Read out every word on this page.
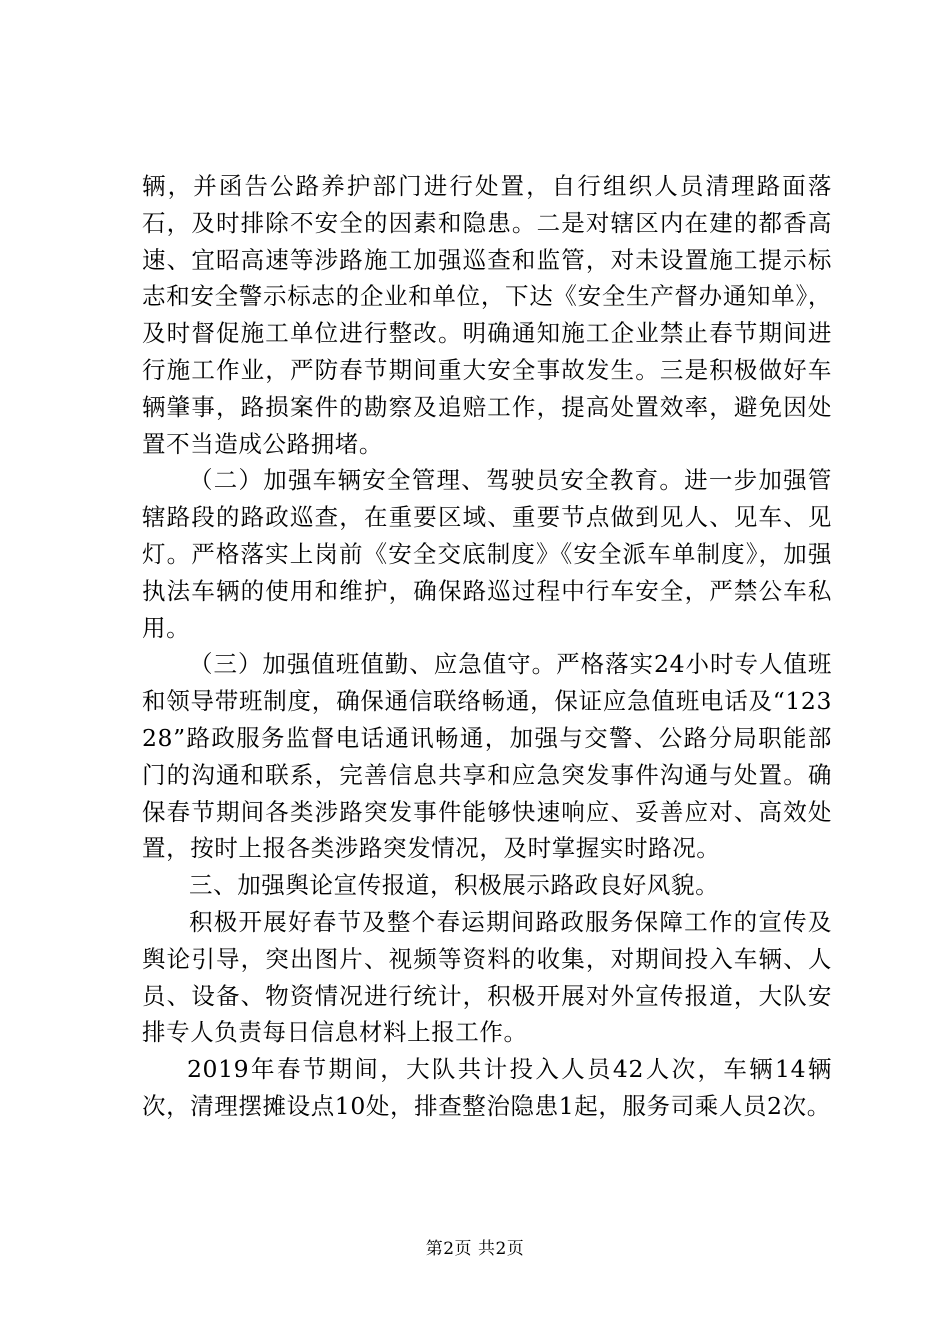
辆，并函告公路养护部门进行处置，自行组织人员清理路面落石，及时排除不安全的因素和隐患。二是对辖区内在建的都香高速、宜昭高速等涉路施工加强巡查和监管，对未设置施工提示标志和安全警示标志的企业和单位，下达《安全生产督办通知单》，及时督促施工单位进行整改。明确通知施工企业禁止春节期间进行施工作业，严防春节期间重大安全事故发生。三是积极做好车辆肇事，路损案件的勘察及追赔工作，提高处置效率，避免因处置不当造成公路拥堵。

（二）加强车辆安全管理、驾驶员安全教育。进一步加强管辖路段的路政巡查，在重要区域、重要节点做到见人、见车、见灯。严格落实上岗前《安全交底制度》《安全派车单制度》，加强执法车辆的使用和维护，确保路巡过程中行车安全，严禁公车私用。

（三）加强值班值勤、应急值守。严格落实24小时专人值班和领导带班制度，确保通信联络畅通，保证应急值班电话及“12328”路政服务监督电话通讯畅通，加强与交警、公路分局职能部门的沟通和联系，完善信息共享和应急突发事件沟通与处置。确保春节期间各类涉路突发事件能够快速响应、妥善应对、高效处置，按时上报各类涉路突发情况，及时掌握实时路况。

三、加强舆论宣传报道，积极展示路政良好风貌。

积极开展好春节及整个春运期间路政服务保障工作的宣传及舆论引导，突出图片、视频等资料的收集，对期间投入车辆、人员、设备、物资情况进行统计，积极开展对外宣传报道，大队安排专人负责每日信息材料上报工作。

2019年春节期间，大队共计投入人员42人次，车辆14辆次，清理摆摊设点10处，排查整治隐患1起，服务司乘人员2次。

第2页 共2页
